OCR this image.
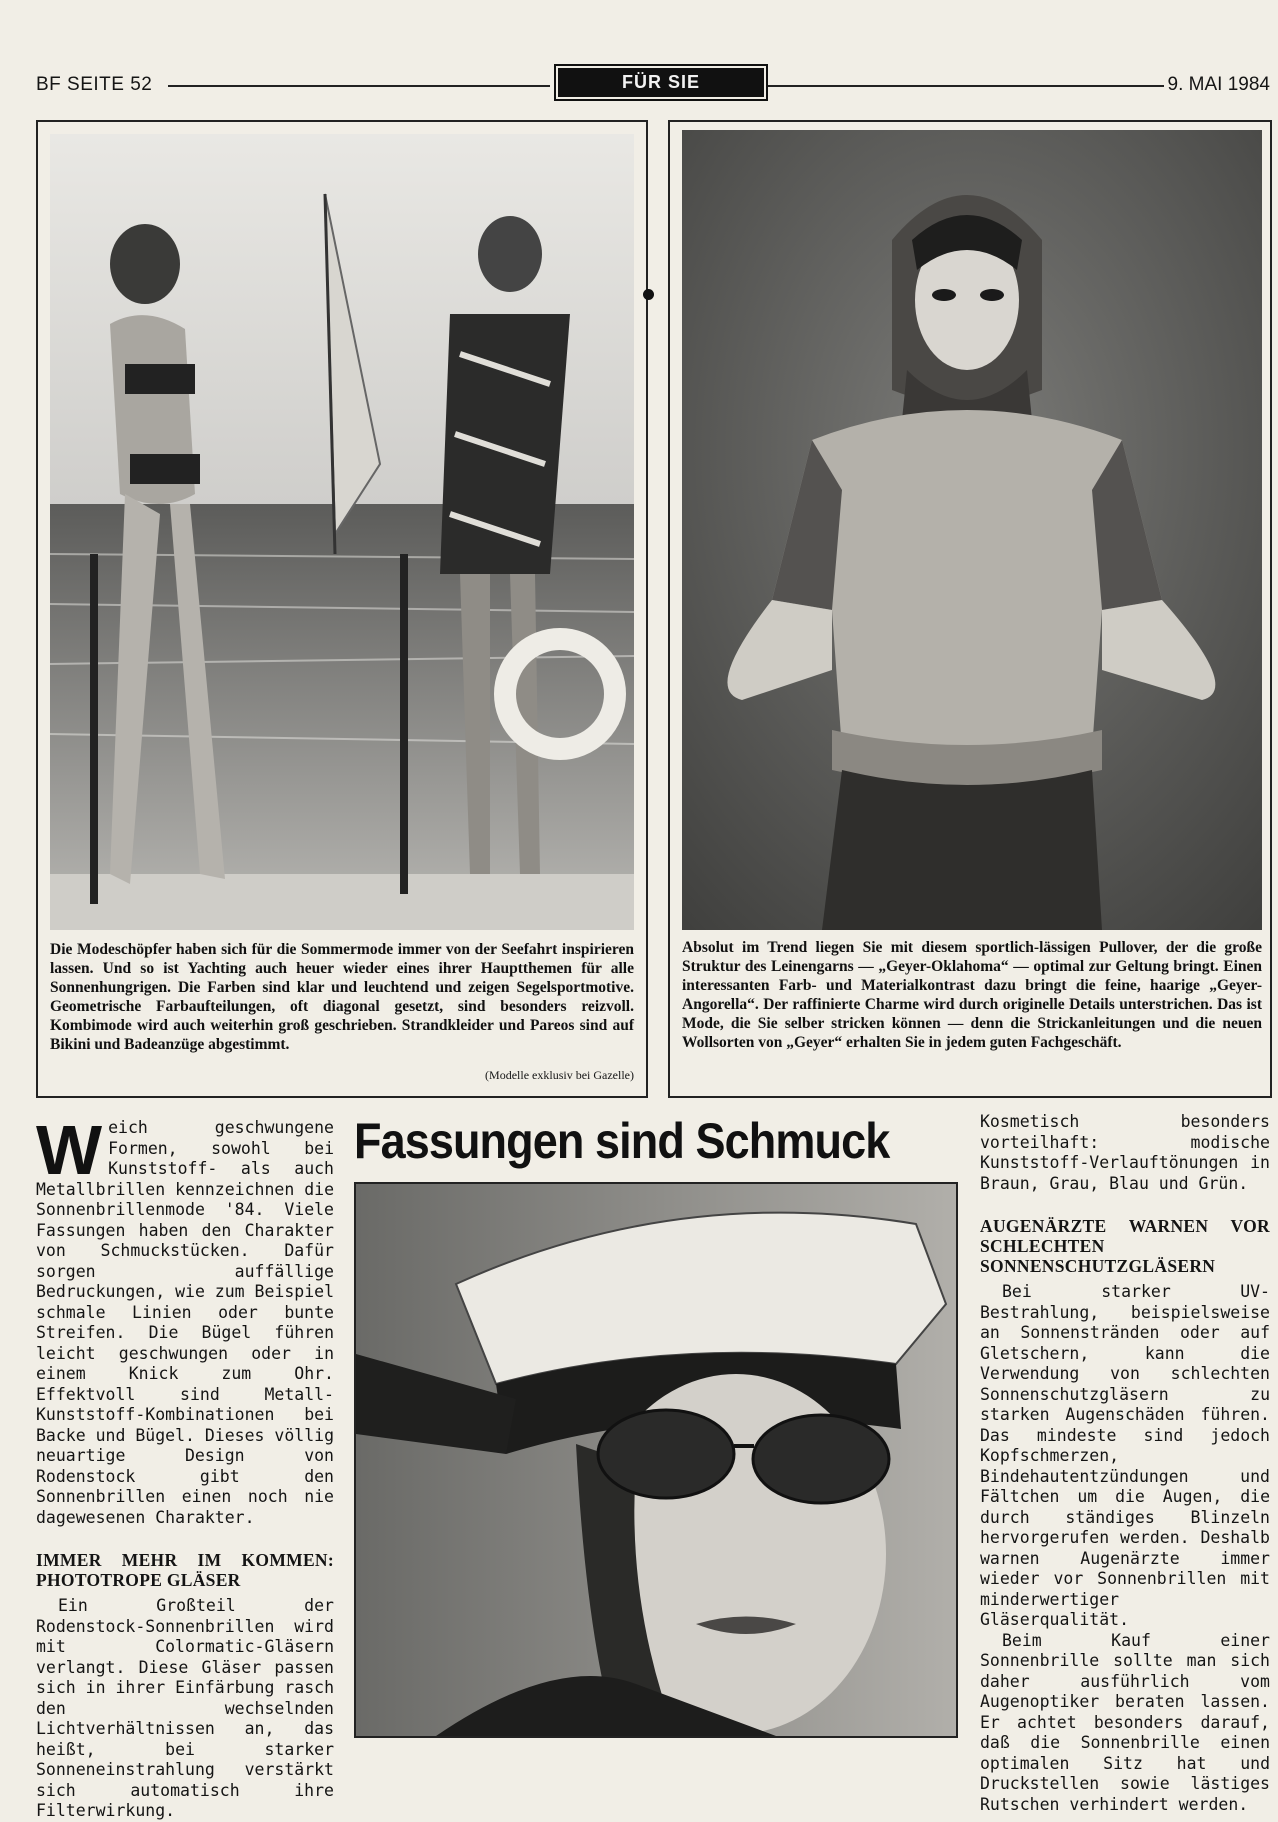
BF SEITE 52	FÜR SIE	9. MAI 1984
Die Modeschöpfer haben sich für die Sommermode immer von der Seefahrt inspirieren lassen. Und so ist Yachting auch heuer wieder eines ihrer Hauptthemen für alle Sonnenhungrigen. Die Farben sind klar und leuchtend und zeigen Segelsportmotive. Geometrische Farbaufteilungen, oft diagonal gesetzt, sind besonders reizvoll. Kombimode wird auch weiterhin groß geschrieben. Strandkleider und Pareos sind auf Bikini und Badeanzüge abgestimmt.
(Modelle exklusiv bei Gazelle)
Absolut im Trend liegen Sie mit diesem sportlich-lässigen Pullover, der die große Struktur des Leinengarns — „Geyer-Oklahoma“ — optimal zur Geltung bringt. Einen interessanten Farb- und Materialkontrast dazu bringt die feine, haarige „Geyer-Angorella“. Der raffinierte Charme wird durch originelle Details unterstrichen. Das ist Mode, die Sie selber stricken können — denn die Strickanleitungen und die neuen Wollsorten von „Geyer“ erhalten Sie in jedem guten Fachgeschäft.

Weich geschwungene Formen, sowohl bei Kunststoff- als auch Metallbrillen kennzeichnen die Sonnenbrillenmode '84. Viele Fassungen haben den Charakter von Schmuckstücken. Dafür sorgen auffällige Bedruckungen, wie zum Beispiel schmale Linien oder bunte Streifen. Die Bügel führen leicht geschwungen oder in einem Knick zum Ohr. Effektvoll sind Metall-Kunststoff-Kombinationen bei Backe und Bügel. Dieses völlig neuartige Design von Rodenstock gibt den Sonnenbrillen einen noch nie dagewesenen Charakter.

IMMER MEHR IM KOMMEN: PHOTOTROPE GLÄSER

Ein Großteil der Rodenstock-Sonnenbrillen wird mit Colormatic-Gläsern verlangt. Diese Gläser passen sich in ihrer Einfärbung rasch den wechselnden Lichtverhältnissen an, das heißt, bei starker Sonneneinstrahlung verstärkt sich automatisch ihre Filterwirkung.

Fassungen sind Schmuck	Kosmetisch besonders vorteilhaft: modische Kunststoff-Verlauftönungen in Braun, Grau, Blau und Grün.

AUGENÄRZTE WARNEN VOR SCHLECHTEN SONNENSCHUTZGLÄSERN

Bei starker UV-Bestrahlung, beispielsweise an Sonnenstränden oder auf Gletschern, kann die Verwendung von schlechten Sonnenschutzgläsern zu starken Augenschäden führen. Das mindeste sind jedoch Kopfschmerzen, Bindehautentzündungen und Fältchen um die Augen, die durch ständiges Blinzeln hervorgerufen werden. Deshalb warnen Augenärzte immer wieder vor Sonnenbrillen mit minderwertiger Gläserqualität.

Beim Kauf einer Sonnenbrille sollte man sich daher ausführlich vom Augenoptiker beraten lassen. Er achtet besonders darauf, daß die Sonnenbrille einen optimalen Sitz hat und Druckstellen sowie lästiges Rutschen verhindert werden.
